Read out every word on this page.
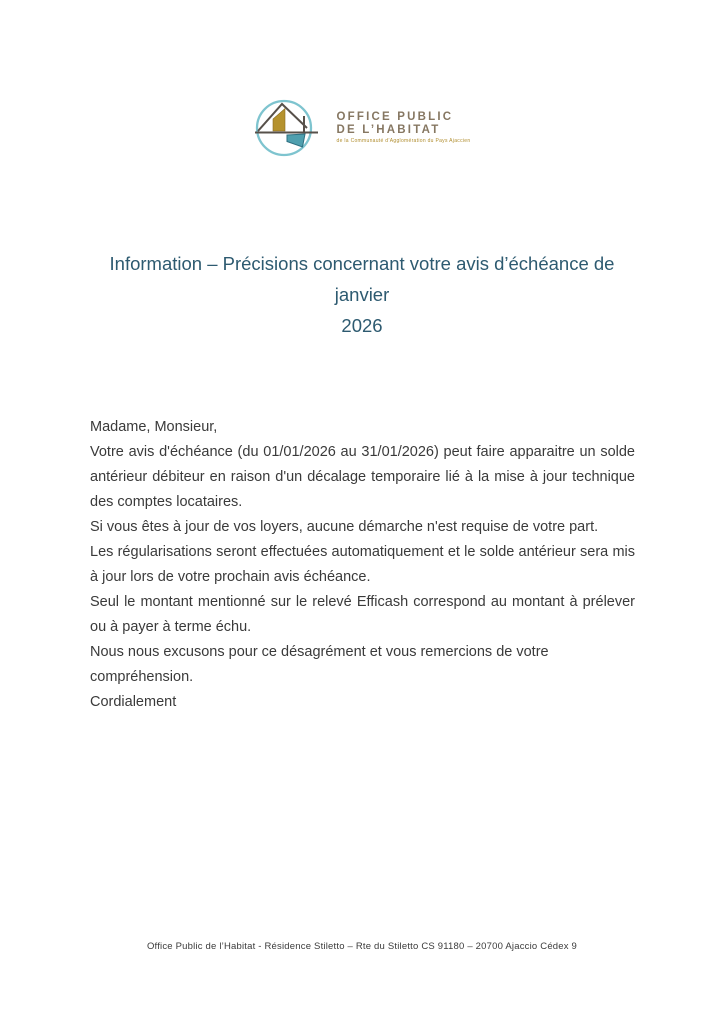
OFFICE PUBLIC
DE L’HABITAT
de la Communauté d’Agglomération du Pays Ajaccien
Information – Précisions concernant votre avis d’échéance de janvier
2026

Madame, Monsieur,

Votre avis d'échéance (du 01/01/2026 au 31/01/2026) peut faire apparaitre un solde antérieur débiteur en raison d'un décalage temporaire lié à la mise à jour technique des comptes locataires.

Si vous êtes à jour de vos loyers, aucune démarche n'est requise de votre part.

Les régularisations seront effectuées automatiquement et le solde antérieur sera mis à jour lors de votre prochain avis échéance.

Seul le montant mentionné sur le relevé Efficash correspond au montant à prélever ou à payer à terme échu.

Nous nous excusons pour ce désagrément et vous remercions de votre compréhension.

Cordialement

Office Public de l’Habitat - Résidence Stiletto – Rte du Stiletto CS 91180 – 20700 Ajaccio Cédex 9
